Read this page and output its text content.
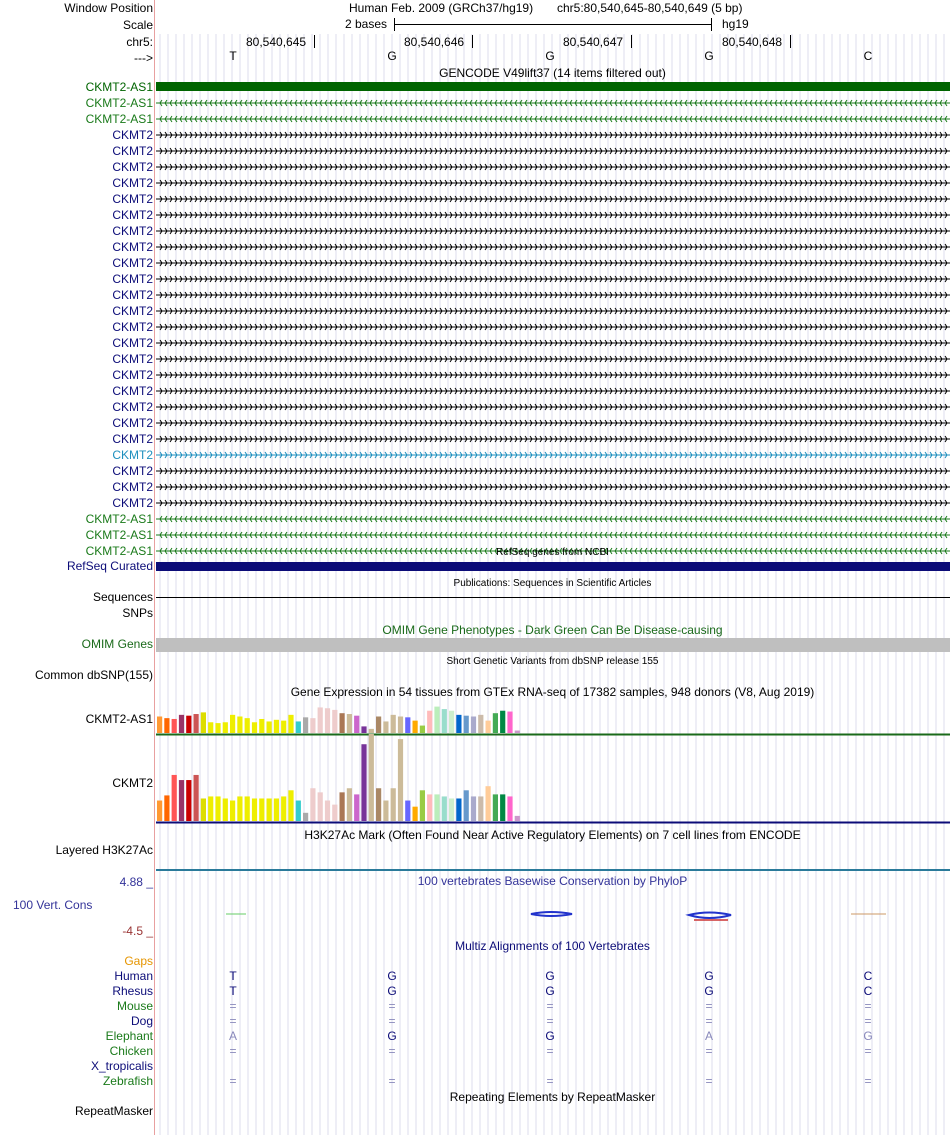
Window Position	Human Feb. 2009 (GRCh37/hg19) chr5:80,540,645-80,540,649 (5 bp)
Scale	2 bases	hg19
chr5:	80,540,645	80,540,646	80,540,647	80,540,648
--->	T	G	G	G	C
GENCODE V49lift37 (14 items filtered out)
CKMT2-AS1
CKMT2-AS1
CKMT2-AS1
CKMT2
CKMT2
CKMT2
CKMT2
CKMT2
CKMT2
CKMT2
CKMT2
CKMT2
CKMT2
CKMT2
CKMT2
CKMT2
CKMT2
CKMT2
CKMT2
CKMT2
CKMT2
CKMT2
CKMT2
CKMT2
CKMT2
CKMT2
CKMT2
CKMT2-AS1
CKMT2-AS1
CKMT2-AS1	RefSeq genes from NCBI
RefSeq Curated
Publications: Sequences in Scientific Articles
Sequences
SNPs
OMIM Gene Phenotypes - Dark Green Can Be Disease-causing
OMIM Genes
Short Genetic Variants from dbSNP release 155
Common dbSNP(155)
Gene Expression in 54 tissues from GTEx RNA-seq of 17382 samples, 948 donors (V8, Aug 2019)
CKMT2-AS1
CKMT2
H3K27Ac Mark (Often Found Near Active Regulatory Elements) on 7 cell lines from ENCODE
Layered H3K27Ac
4.88 _	100 vertebrates Basewise Conservation by PhyloP
100 Vert. Cons
-4.5 _
Multiz Alignments of 100 Vertebrates
Gaps
Human	T	G	G	G	C
Rhesus	T	G	G	G	C
Mouse	=	=	=	=	=
Dog	=	=	=	=	=
Elephant	A	G	G	A	G
Chicken	=	=	=	=	=
X_tropicalis
Zebrafish	=	=	=	=	=
Repeating Elements by RepeatMasker
RepeatMasker
